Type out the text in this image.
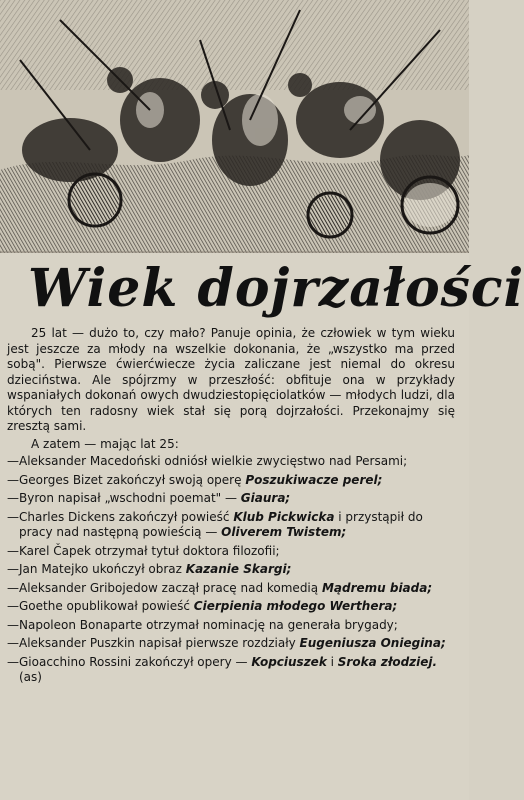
Wiek dojrzałości

25 lat — dużo to, czy mało? Panuje opinia, że człowiek w tym wieku jest jeszcze za młody na wszelkie dokonania, że „wszystko ma przed sobą". Pierwsze ćwierćwiecze życia zaliczane jest niemal do okresu dzieciństwa. Ale spójrzmy w przeszłość: obfituje ona w przykłady wspaniałych dokonań owych dwudziestopięciolatków — młodych ludzi, dla których ten radosny wiek stał się porą dojrzałości. Przekonajmy się zresztą sami.

A zatem — mając lat 25:

— Aleksander Macedoński odniósł wielkie zwycięstwo nad Persami;
— Georges Bizet zakończył swoją operę Poszukiwacze perel;
— Byron napisał „wschodni poemat" — Giaura;
— Charles Dickens zakończył powieść Klub Pickwicka i przystąpił do pracy nad następną powieścią — Oliverem Twistem;
— Karel Čapek otrzymał tytuł doktora filozofii;
— Jan Matejko ukończył obraz Kazanie Skargi;
— Aleksander Gribojedow zaczął pracę nad komedią Mądremu biada;
— Goethe opublikował powieść Cierpienia młodego Werthera;
— Napoleon Bonaparte otrzymał nominację na generała brygady;
— Aleksander Puszkin napisał pierwsze rozdziały Eugeniusza Oniegina;
— Gioacchino Rossini zakończył opery — Kopciuszek i Sroka złodziej. (as)
